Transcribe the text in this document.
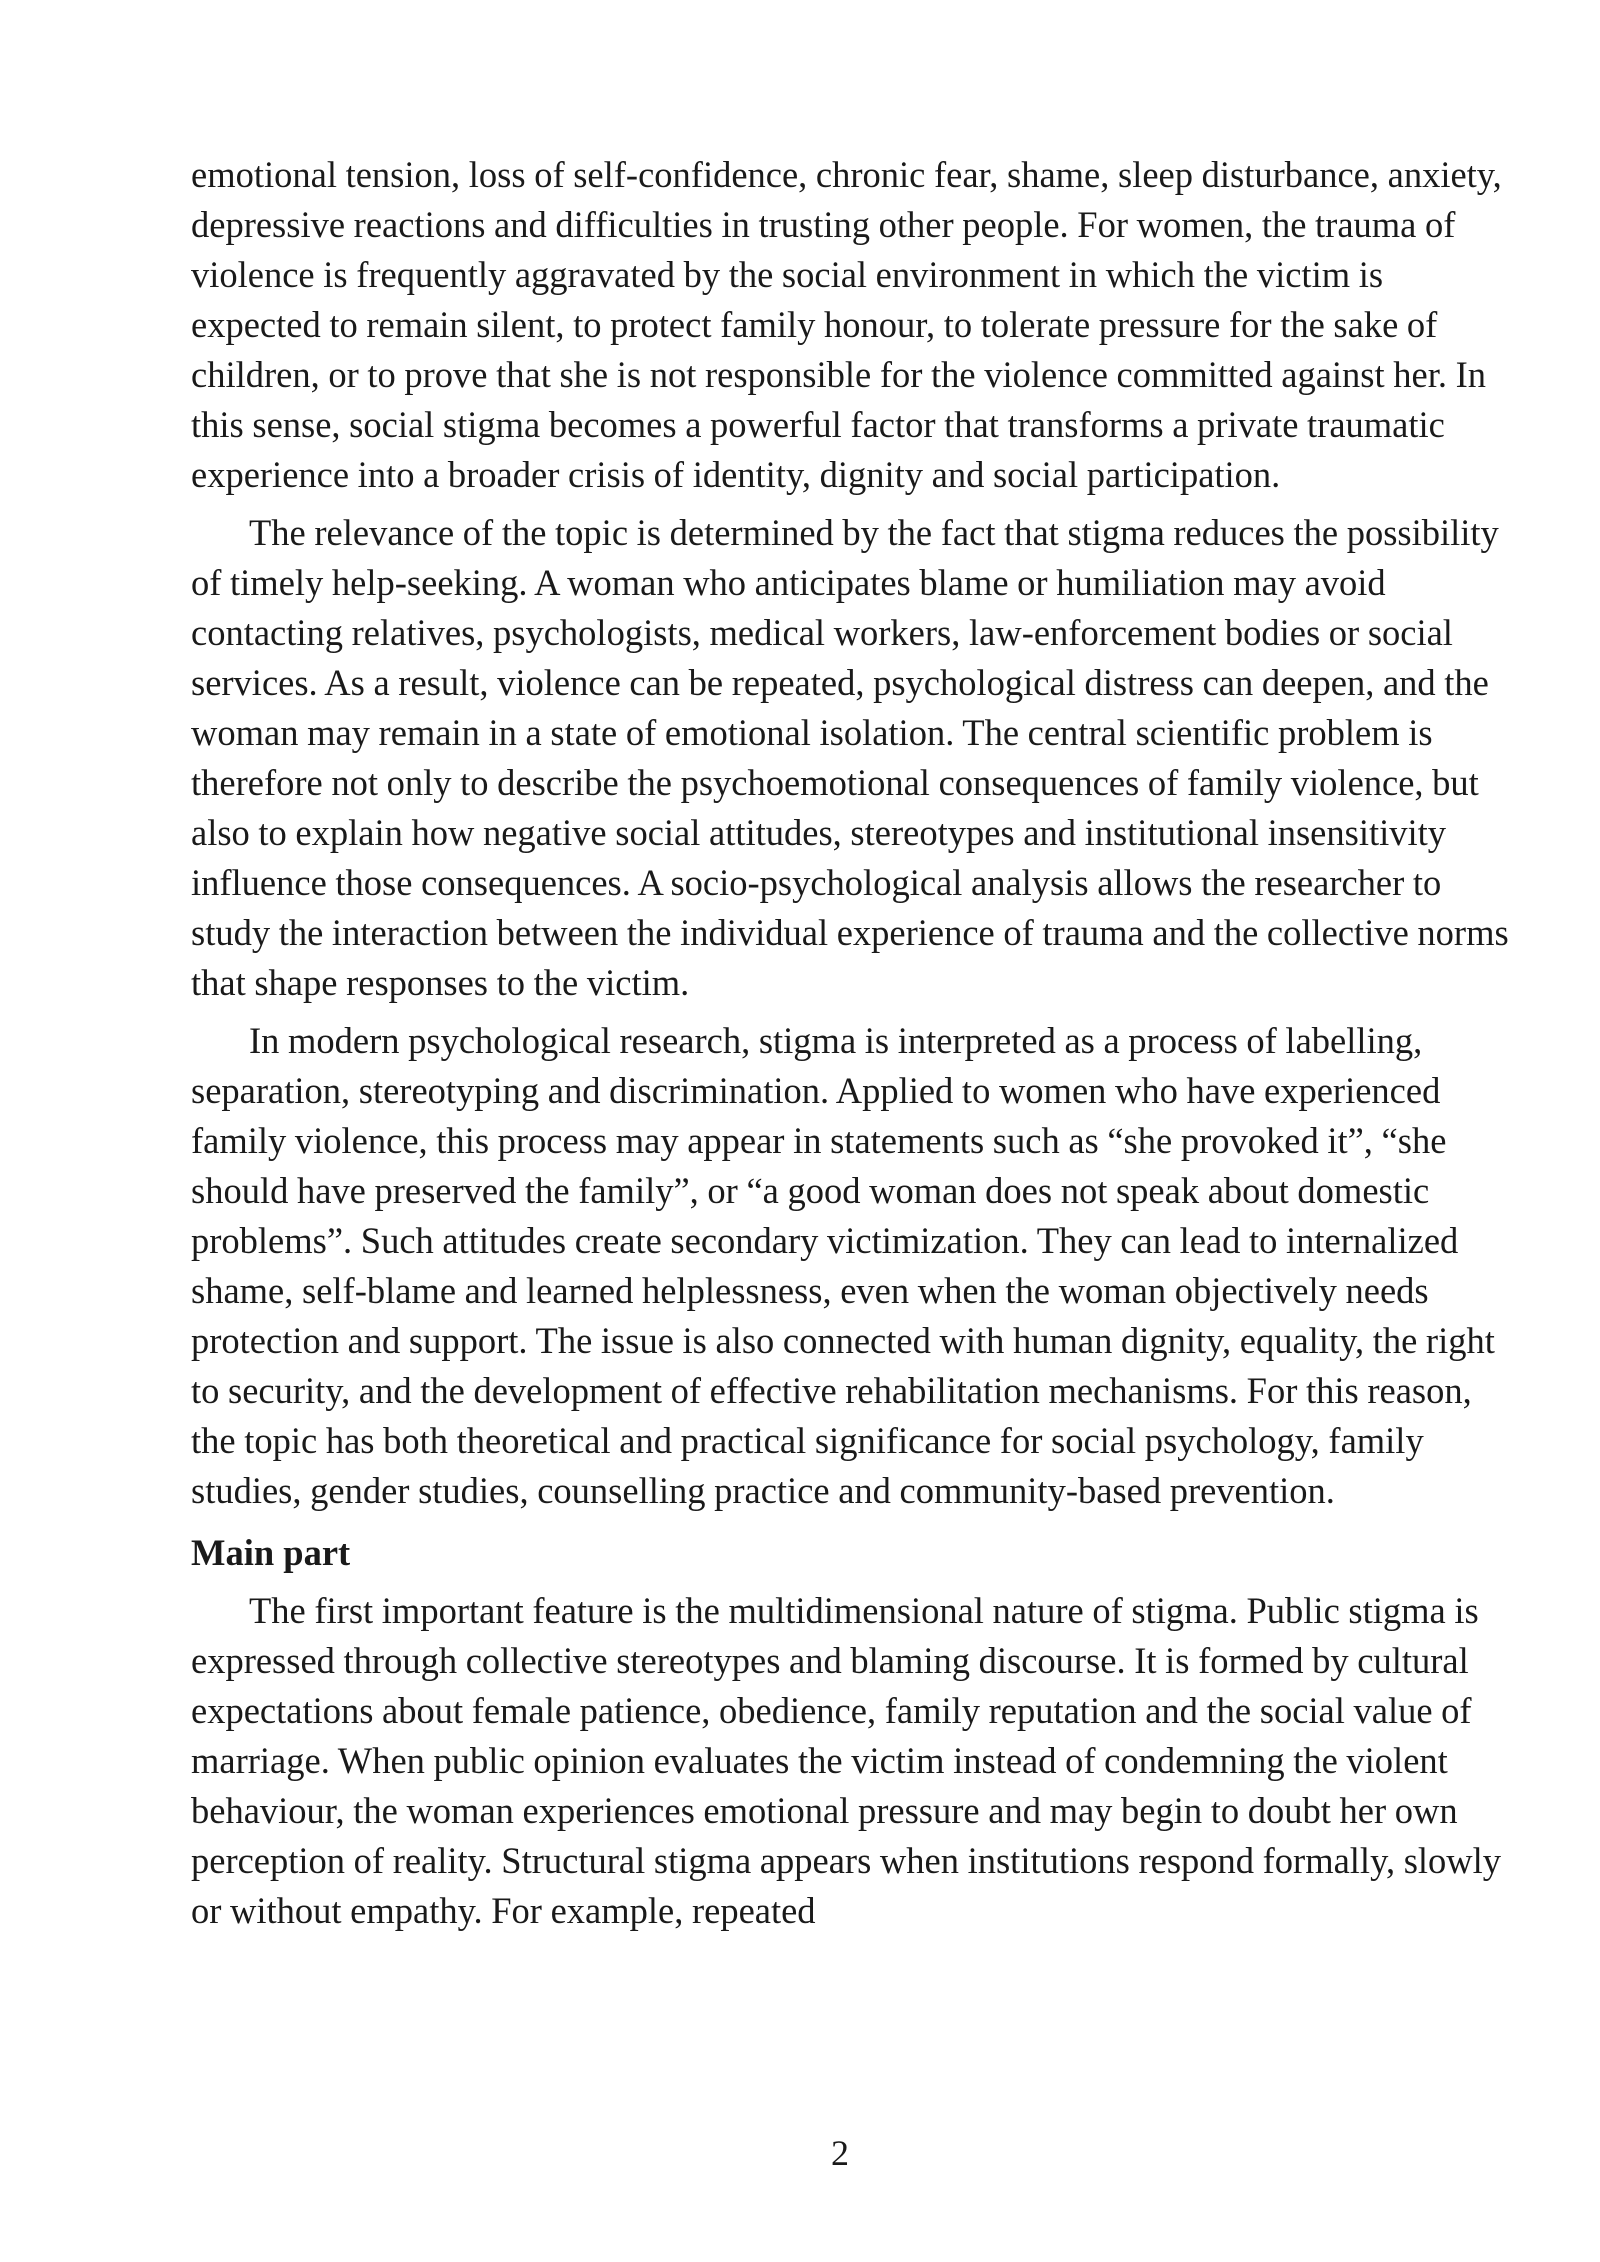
emotional tension, loss of self-confidence, chronic fear, shame, sleep disturbance, anxiety, depressive reactions and difficulties in trusting other people. For women, the trauma of violence is frequently aggravated by the social environment in which the victim is expected to remain silent, to protect family honour, to tolerate pressure for the sake of children, or to prove that she is not responsible for the violence committed against her. In this sense, social stigma becomes a powerful factor that transforms a private traumatic experience into a broader crisis of identity, dignity and social participation.

The relevance of the topic is determined by the fact that stigma reduces the possibility of timely help-seeking. A woman who anticipates blame or humiliation may avoid contacting relatives, psychologists, medical workers, law-enforcement bodies or social services. As a result, violence can be repeated, psychological distress can deepen, and the woman may remain in a state of emotional isolation. The central scientific problem is therefore not only to describe the psychoemotional consequences of family violence, but also to explain how negative social attitudes, stereotypes and institutional insensitivity influence those consequences. A socio-psychological analysis allows the researcher to study the interaction between the individual experience of trauma and the collective norms that shape responses to the victim.

In modern psychological research, stigma is interpreted as a process of labelling, separation, stereotyping and discrimination. Applied to women who have experienced family violence, this process may appear in statements such as “she provoked it”, “she should have preserved the family”, or “a good woman does not speak about domestic problems”. Such attitudes create secondary victimization. They can lead to internalized shame, self-blame and learned helplessness, even when the woman objectively needs protection and support. The issue is also connected with human dignity, equality, the right to security, and the development of effective rehabilitation mechanisms. For this reason, the topic has both theoretical and practical significance for social psychology, family studies, gender studies, counselling practice and community-based prevention.

Main part

The first important feature is the multidimensional nature of stigma. Public stigma is expressed through collective stereotypes and blaming discourse. It is formed by cultural expectations about female patience, obedience, family reputation and the social value of marriage. When public opinion evaluates the victim instead of condemning the violent behaviour, the woman experiences emotional pressure and may begin to doubt her own perception of reality. Structural stigma appears when institutions respond formally, slowly or without empathy. For example, repeated

2
